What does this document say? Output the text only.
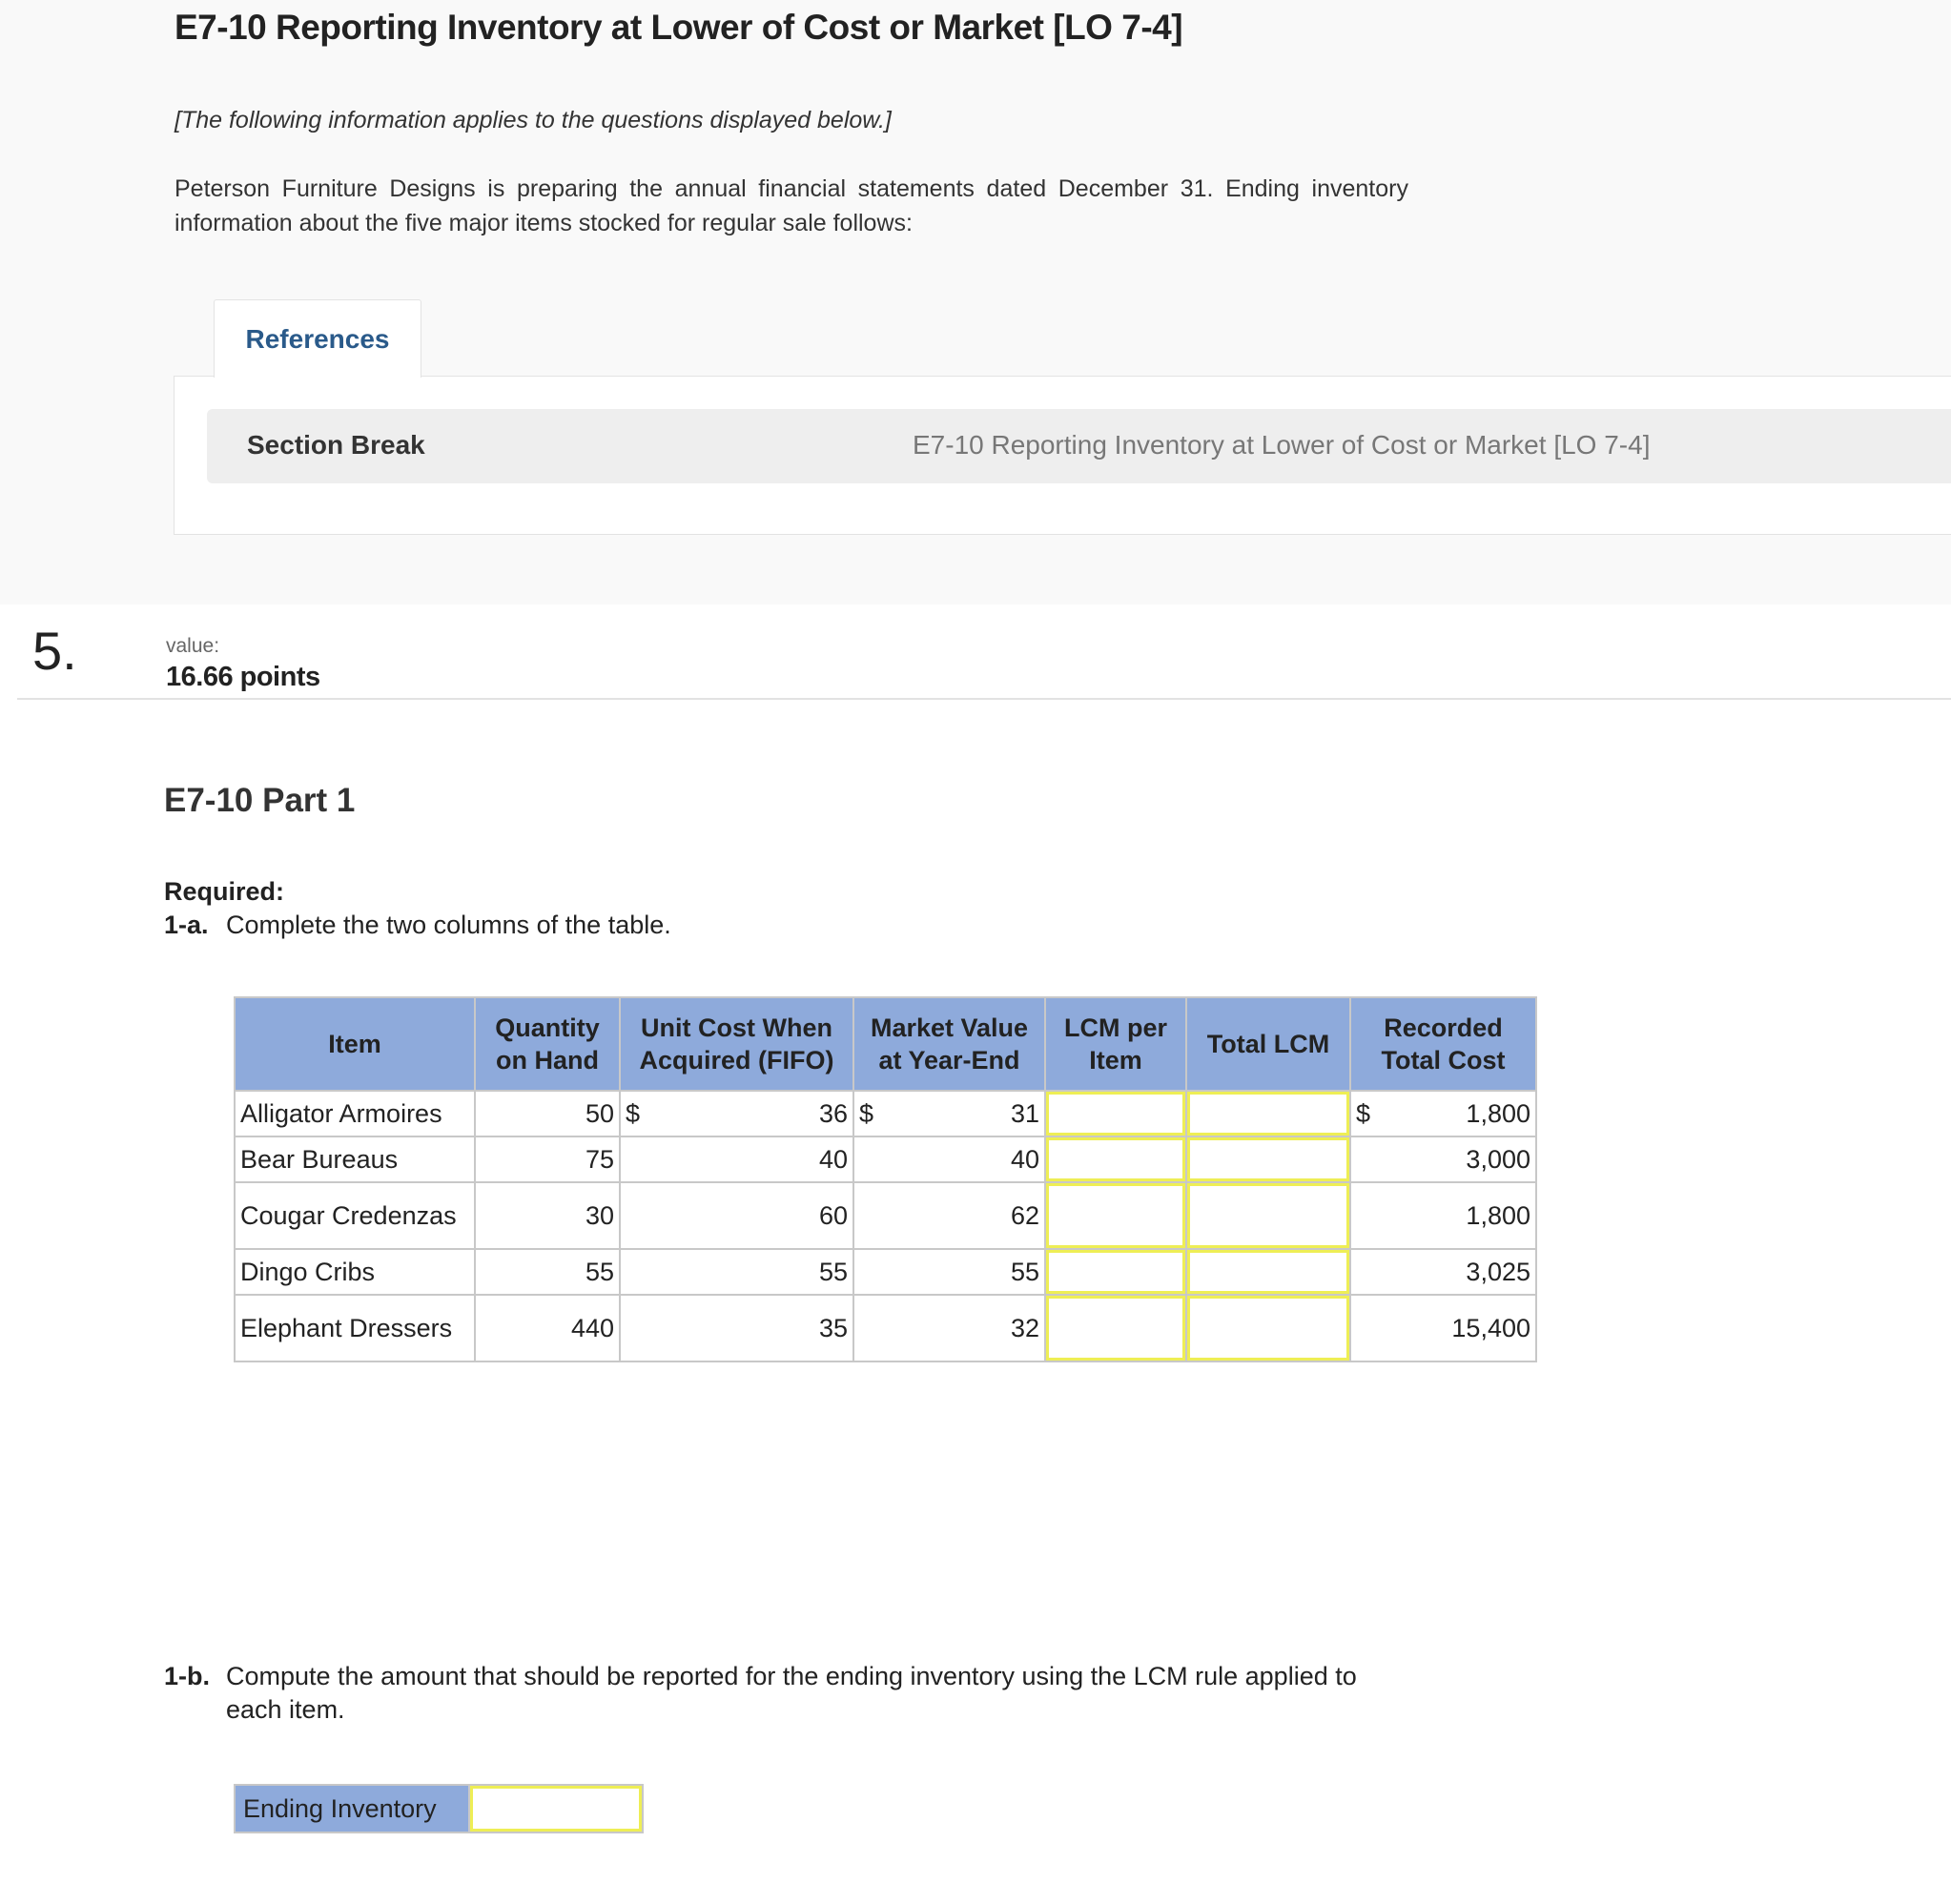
E7-10 Reporting Inventory at Lower of Cost or Market [LO 7-4]
[The following information applies to the questions displayed below.]
Peterson Furniture Designs is preparing the annual financial statements dated December 31. Ending inventory information about the five major items stocked for regular sale follows:
References
Section Break	E7-10 Reporting Inventory at Lower of Cost or Market [LO 7-4]
5.	value:
16.66 points
E7-10 Part 1
Required:
1-a. Complete the two columns of the table.
Item	Quantity on Hand	Unit Cost When Acquired (FIFO)	Market Value at Year-End	LCM per Item	Total LCM	Recorded Total Cost
Alligator Armoires	50	$ 36	$ 31			$ 1,800
Bear Bureaus	75	40	40			3,000
Cougar Credenzas	30	60	62			1,800
Dingo Cribs	55	55	55			3,025
Elephant Dressers	440	35	32			15,400
1-b. Compute the amount that should be reported for the ending inventory using the LCM rule applied to each item.
Ending Inventory	
